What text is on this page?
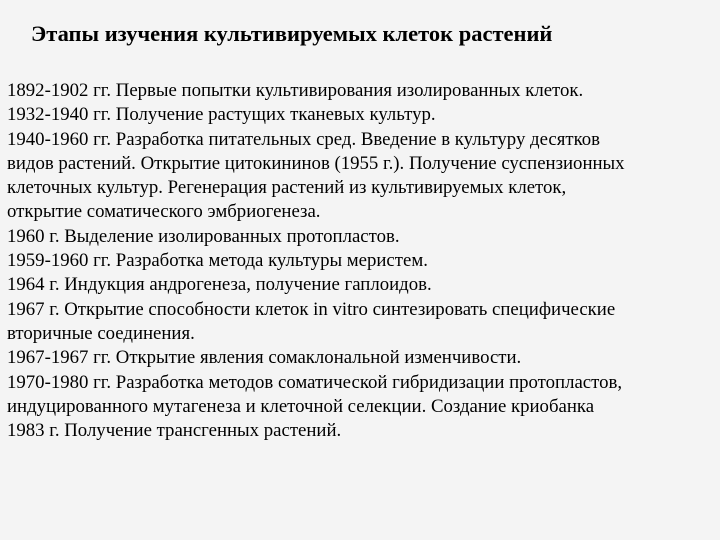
Этапы изучения культивируемых клеток растений
1892-1902 гг. Первые попытки культивирования изолированных клеток.
1932-1940 гг. Получение растущих тканевых культур.
1940-1960 гг. Разработка питательных сред. Введение в культуру десятков
видов растений. Открытие цитокининов (1955 г.). Получение суспензионных
клеточных культур. Регенерация растений из культивируемых клеток,
открытие соматического эмбриогенеза.
1960 г. Выделение изолированных протопластов.
1959-1960 гг. Разработка метода культуры меристем.
1964 г. Индукция андрогенеза, получение гаплоидов.
1967 г. Открытие способности клеток in vitro синтезировать специфические
вторичные соединения.
1967-1967 гг. Открытие явления сомаклональной изменчивости.
1970-1980 гг. Разработка методов соматической гибридизации протопластов,
индуцированного мутагенеза и клеточной селекции. Создание криобанка
1983 г. Получение трансгенных растений.
